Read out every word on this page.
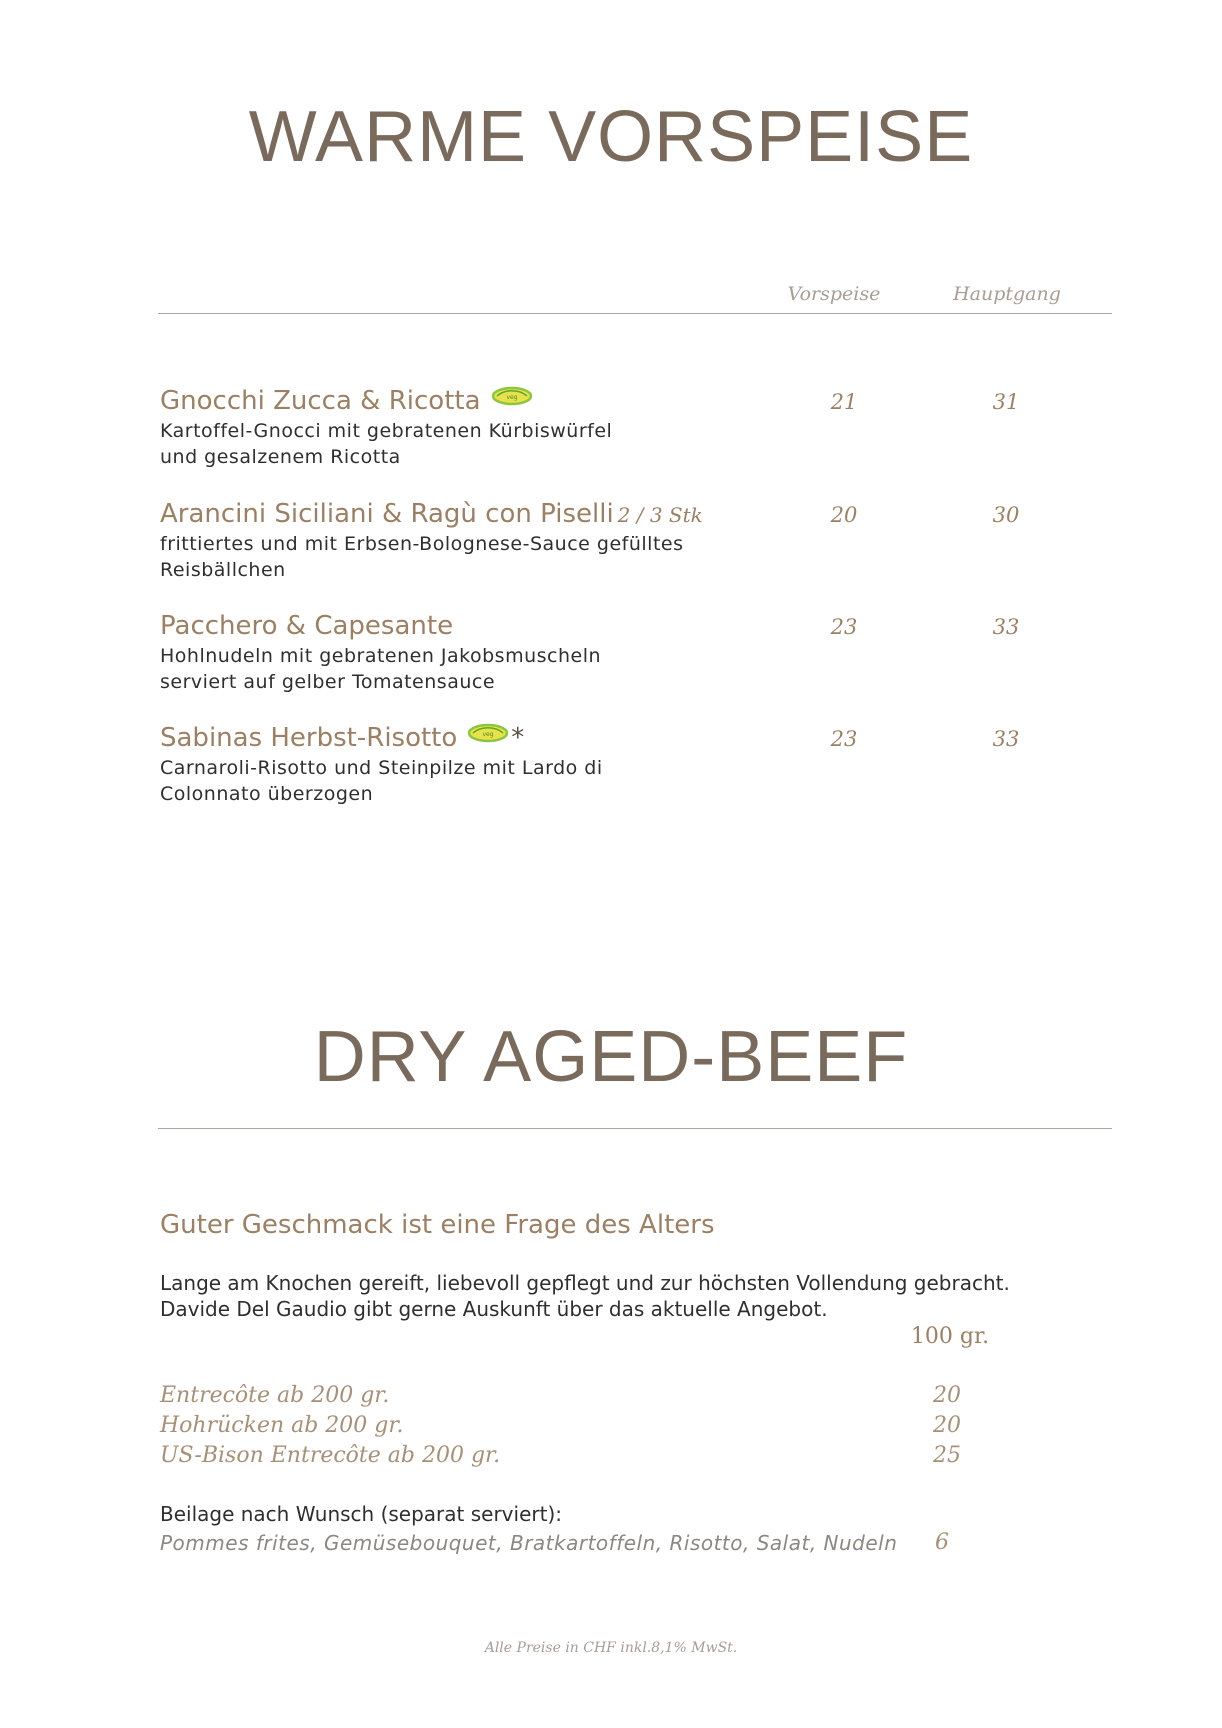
WARME VORSPEISE
Vorspeise	Hauptgang
Gnocchi Zucca & Ricotta	veg
Kartoffel-Gnocci mit gebratenen Kürbiswürfel
und gesalzenem Ricotta
21	31
Arancini Siciliani & Ragù con Piselli 2 / 3 Stk
frittiertes und mit Erbsen-Bolognese-Sauce gefülltes
Reisbällchen
20	30
Pacchero & Capesante
Hohlnudeln mit gebratenen Jakobsmuscheln
serviert auf gelber Tomatensauce
23	33
Sabinas Herbst-Risotto	veg *
Carnaroli-Risotto und Steinpilze mit Lardo di
Colonnato überzogen
23	33
DRY AGED-BEEF
Guter Geschmack ist eine Frage des Alters
Lange am Knochen gereift, liebevoll gepflegt und zur höchsten Vollendung gebracht.
Davide Del Gaudio gibt gerne Auskunft über das aktuelle Angebot.
100 gr.
Entrecôte ab 200 gr.	20
Hohrücken ab 200 gr.	20
US-Bison Entrecôte ab 200 gr.	25
Beilage nach Wunsch (separat serviert):
Pommes frites, Gemüsebouquet, Bratkartoffeln, Risotto, Salat, Nudeln	6
Alle Preise in CHF inkl.8,1% MwSt.
